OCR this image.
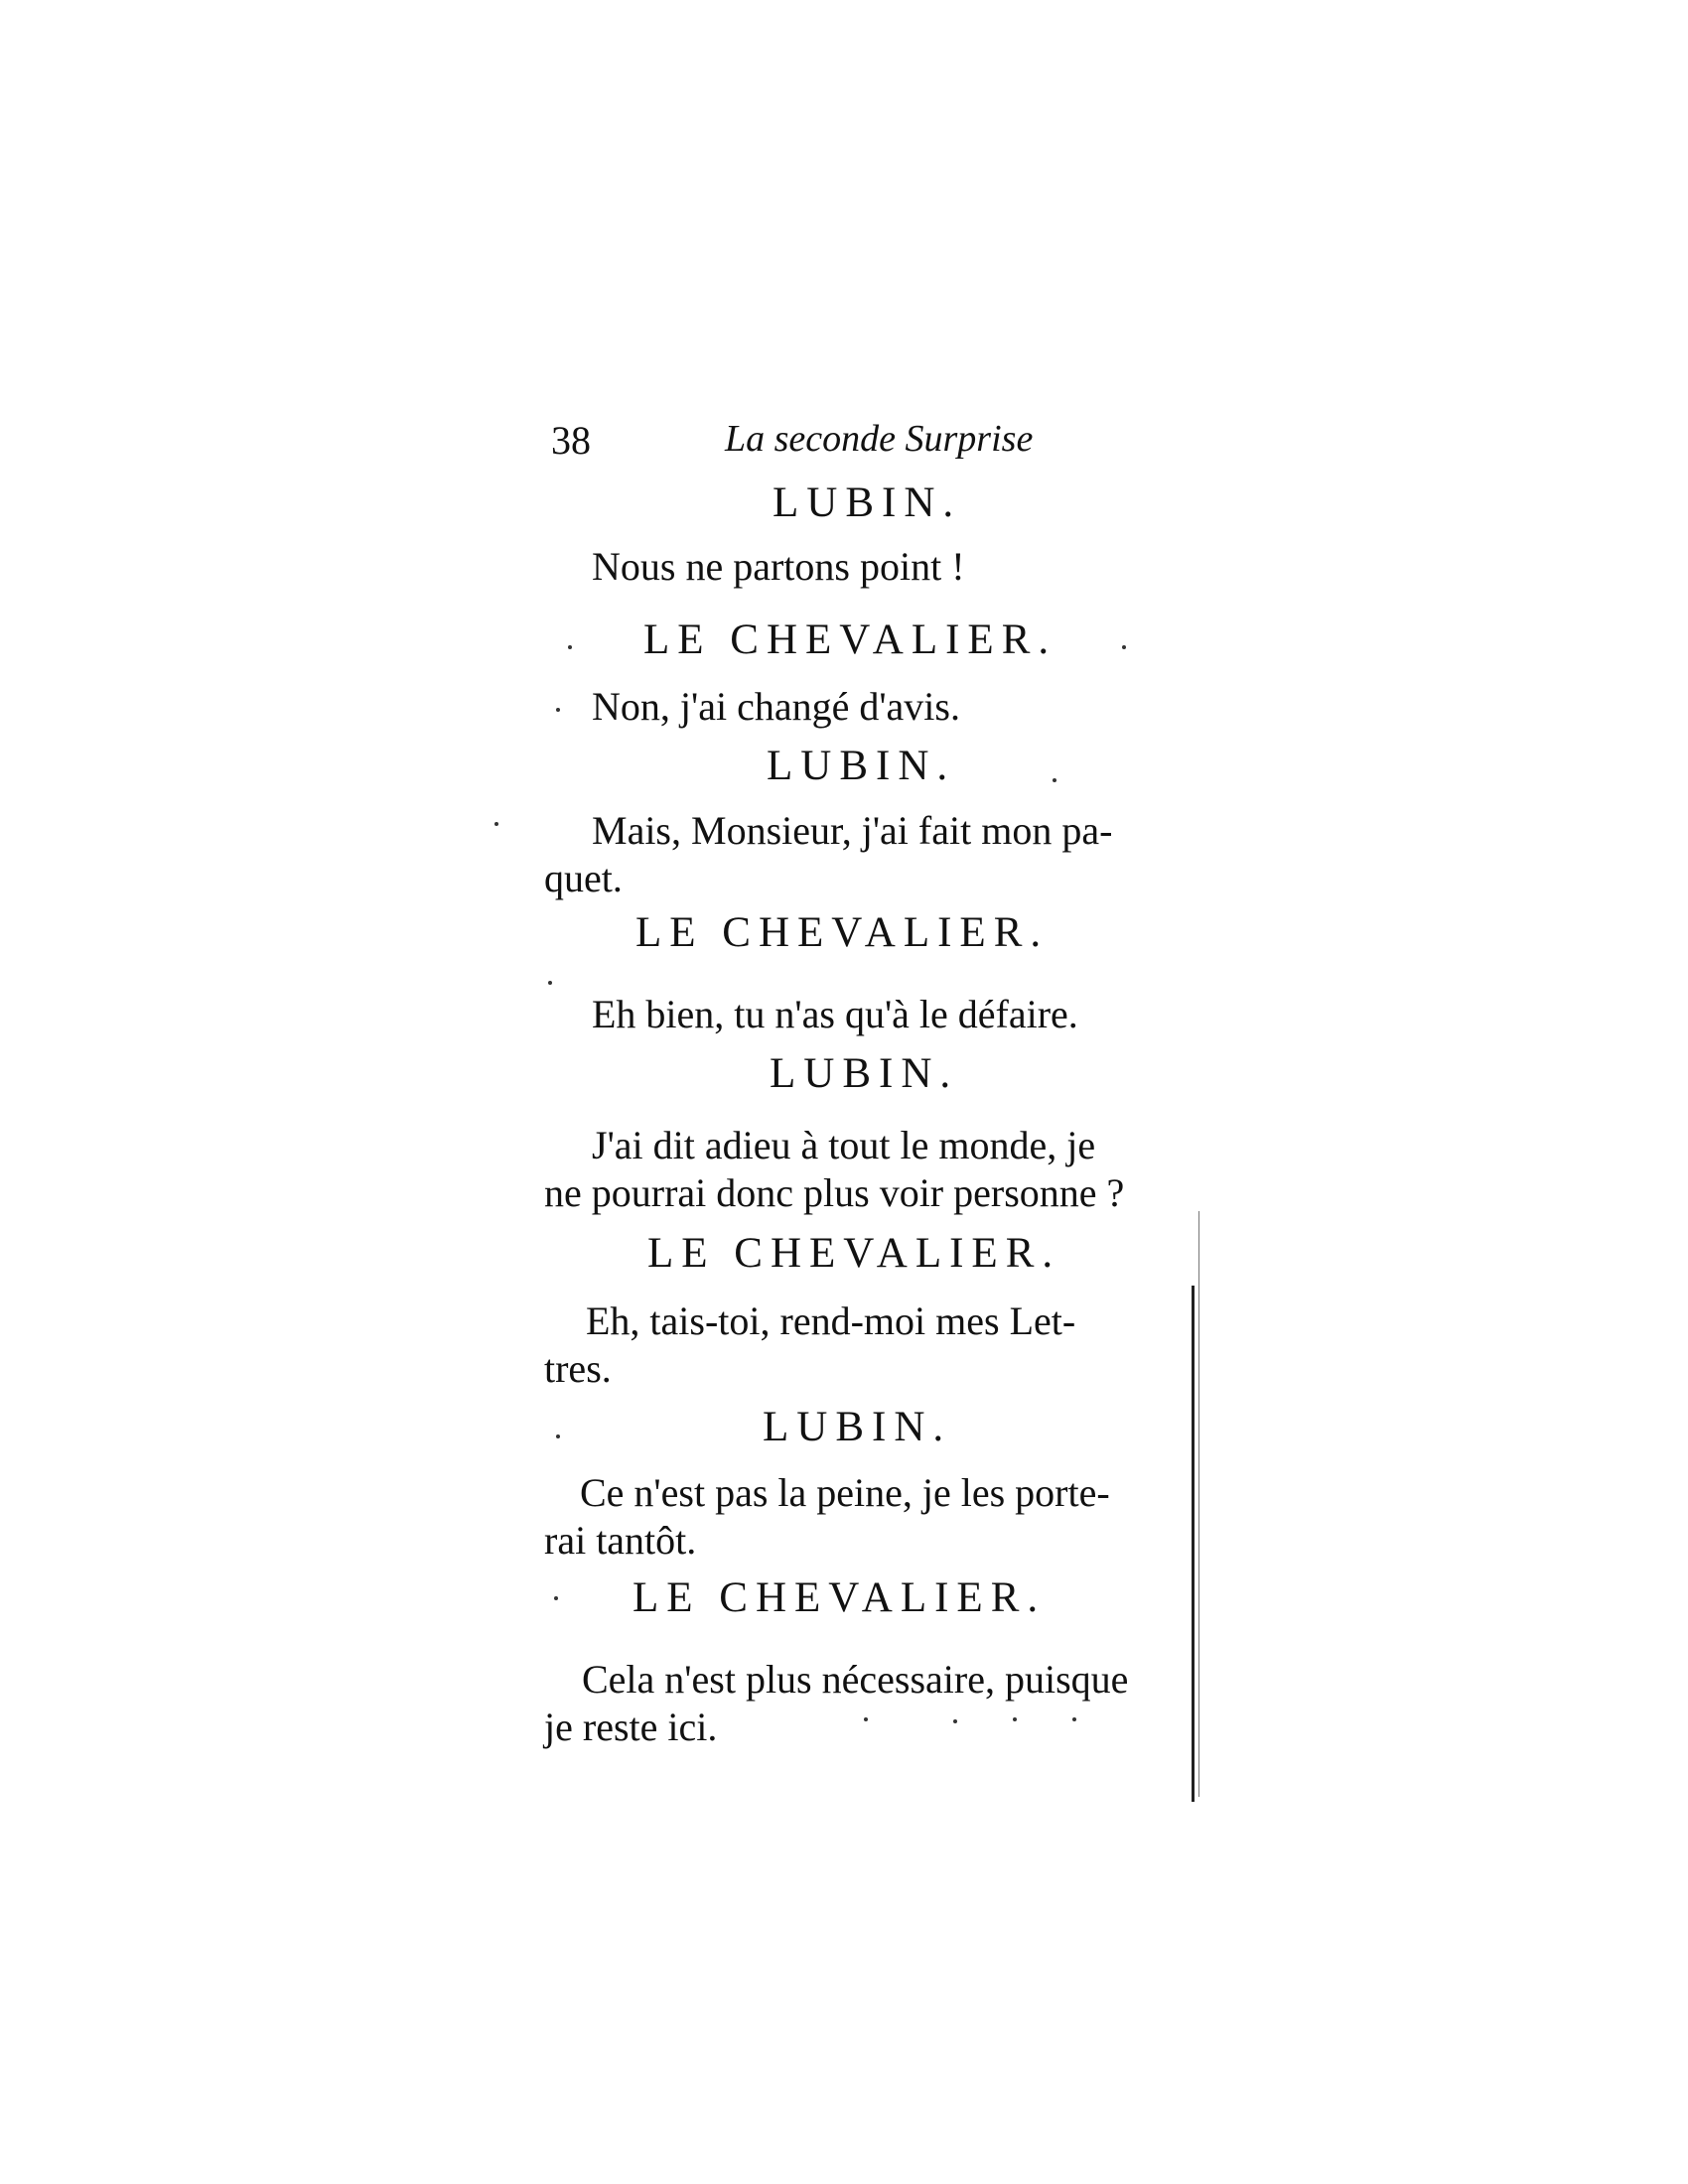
38	La seconde Surprise
LUBIN.
Nous ne partons point !
LE CHEVALIER.
Non, j'ai changé d'avis.
LUBIN.
Mais, Monsieur, j'ai fait mon pa-
quet.
LE CHEVALIER.
Eh bien, tu n'as qu'à le défaire.
LUBIN.
J'ai dit adieu à tout le monde, je
ne pourrai donc plus voir personne ?
LE CHEVALIER.
Eh, tais-toi, rend-moi mes Let-
tres.
LUBIN.
Ce n'est pas la peine, je les porte-
rai tantôt.
LE CHEVALIER.
Cela n'est plus nécessaire, puisque
je reste ici.
